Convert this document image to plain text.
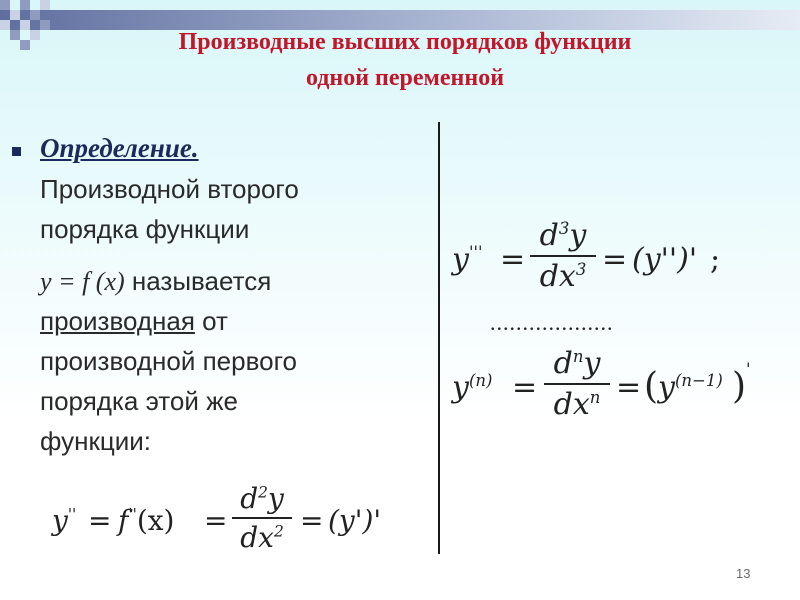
Производные высших порядков функции
одной переменной
Определение.
Производной второго
порядка функции
y = f (x) называется
производная от
производной первого
порядка этой же
функции:
y'' = f''(x) =
$d^2y$
$dx^2 = (y')'$
y''' =
$d^3y$
$dx^3 = (y'')'$ ;
...................
$y^{(n)}$ =
$d^ny$
$dx^n$ = ( $y^{(n-1)}$ ) '
13
